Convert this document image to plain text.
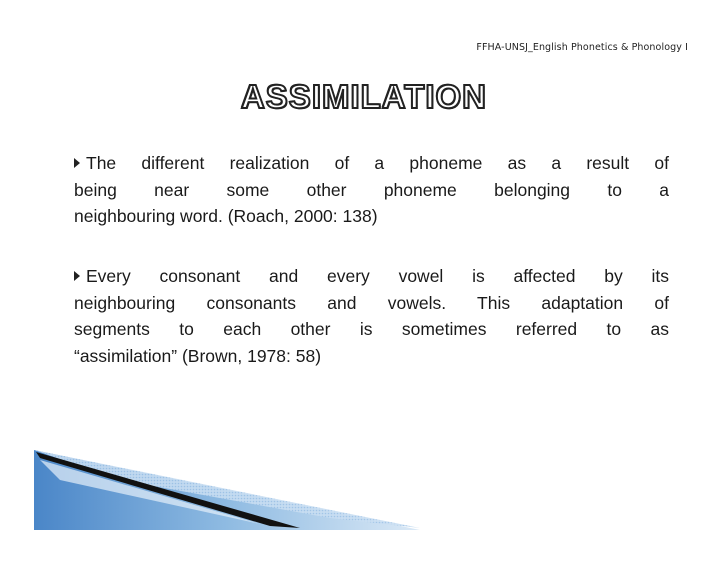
FFHA-UNSJ_English Phonetics & Phonology I
ASSIMILATION
The different realization of a phoneme as a result of
being near some other phoneme belonging to a
neighbouring word. (Roach, 2000: 138)
Every consonant and every vowel is affected by its
neighbouring consonants and vowels. This adaptation of
segments to each other is sometimes referred to as
“assimilation” (Brown, 1978: 58)
